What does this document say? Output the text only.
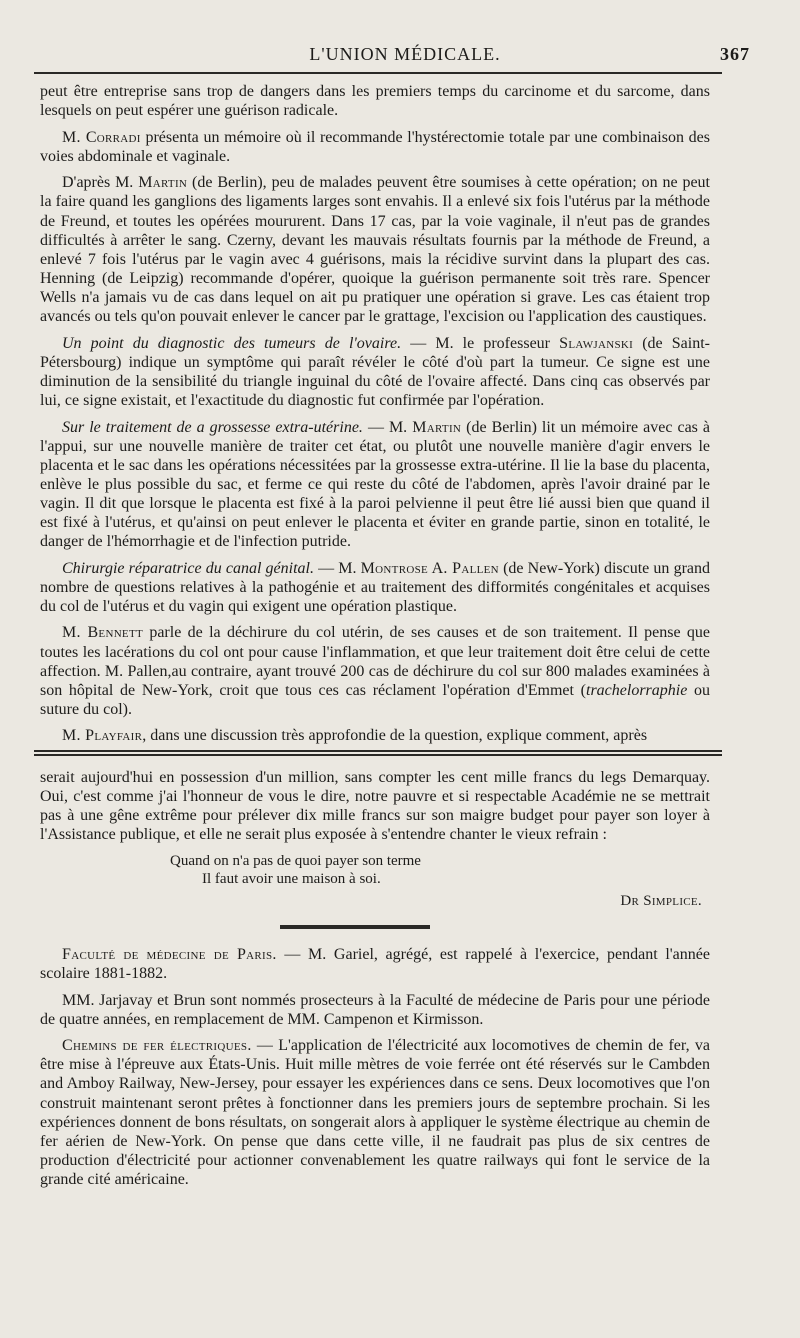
L'UNION MÉDICALE.	367

peut être entreprise sans trop de dangers dans les premiers temps du carcinome et du sarcome, dans lesquels on peut espérer une guérison radicale.

M. Corradi présenta un mémoire où il recommande l'hystérectomie totale par une combinaison des voies abdominale et vaginale.

D'après M. Martin (de Berlin), peu de malades peuvent être soumises à cette opération; on ne peut la faire quand les ganglions des ligaments larges sont envahis. Il a enlevé six fois l'utérus par la méthode de Freund, et toutes les opérées moururent. Dans 17 cas, par la voie vaginale, il n'eut pas de grandes difficultés à arrêter le sang. Czerny, devant les mauvais résultats fournis par la méthode de Freund, a enlevé 7 fois l'utérus par le vagin avec 4 guérisons, mais la récidive survint dans la plupart des cas. Henning (de Leipzig) recommande d'opérer, quoique la guérison permanente soit très rare. Spencer Wells n'a jamais vu de cas dans lequel on ait pu pratiquer une opération si grave. Les cas étaient trop avancés ou tels qu'on pouvait enlever le cancer par le grattage, l'excision ou l'application des caustiques.

Un point du diagnostic des tumeurs de l'ovaire. — M. le professeur Slawjanski (de Saint-Pétersbourg) indique un symptôme qui paraît révéler le côté d'où part la tumeur. Ce signe est une diminution de la sensibilité du triangle inguinal du côté de l'ovaire affecté. Dans cinq cas observés par lui, ce signe existait, et l'exactitude du diagnostic fut confirmée par l'opération.

Sur le traitement de a grossesse extra-utérine. — M. Martin (de Berlin) lit un mémoire avec cas à l'appui, sur une nouvelle manière de traiter cet état, ou plutôt une nouvelle manière d'agir envers le placenta et le sac dans les opérations nécessitées par la grossesse extra-utérine. Il lie la base du placenta, enlève le plus possible du sac, et ferme ce qui reste du côté de l'abdomen, après l'avoir drainé par le vagin. Il dit que lorsque le placenta est fixé à la paroi pelvienne il peut être lié aussi bien que quand il est fixé à l'utérus, et qu'ainsi on peut enlever le placenta et éviter en grande partie, sinon en totalité, le danger de l'hémorrhagie et de l'infection putride.

Chirurgie réparatrice du canal génital. — M. Montrose A. Pallen (de New-York) discute un grand nombre de questions relatives à la pathogénie et au traitement des difformités congénitales et acquises du col de l'utérus et du vagin qui exigent une opération plastique.

M. Bennett parle de la déchirure du col utérin, de ses causes et de son traitement. Il pense que toutes les lacérations du col ont pour cause l'inflammation, et que leur traitement doit être celui de cette affection. M. Pallen,au contraire, ayant trouvé 200 cas de déchirure du col sur 800 malades examinées à son hôpital de New-York, croit que tous ces cas réclament l'opération d'Emmet (trachelorraphie ou suture du col).

M. Playfair, dans une discussion très approfondie de la question, explique comment, après

serait aujourd'hui en possession d'un million, sans compter les cent mille francs du legs Demarquay. Oui, c'est comme j'ai l'honneur de vous le dire, notre pauvre et si respectable Académie ne se mettrait pas à une gêne extrême pour prélever dix mille francs sur son maigre budget pour payer son loyer à l'Assistance publique, et elle ne serait plus exposée à s'entendre chanter le vieux refrain :

Quand on n'a pas de quoi payer son terme
Il faut avoir une maison à soi.
Dr Simplice.

Faculté de médecine de Paris. — M. Gariel, agrégé, est rappelé à l'exercice, pendant l'année scolaire 1881-1882.

MM. Jarjavay et Brun sont nommés prosecteurs à la Faculté de médecine de Paris pour une période de quatre années, en remplacement de MM. Campenon et Kirmisson.

Chemins de fer électriques. — L'application de l'électricité aux locomotives de chemin de fer, va être mise à l'épreuve aux États-Unis. Huit mille mètres de voie ferrée ont été réservés sur le Cambden and Amboy Railway, New-Jersey, pour essayer les expériences dans ce sens. Deux locomotives que l'on construit maintenant seront prêtes à fonctionner dans les premiers jours de septembre prochain. Si les expériences donnent de bons résultats, on songerait alors à appliquer le système électrique au chemin de fer aérien de New-York. On pense que dans cette ville, il ne faudrait pas plus de six centres de production d'électricité pour actionner convenablement les quatre railways qui font le service de la grande cité américaine.
